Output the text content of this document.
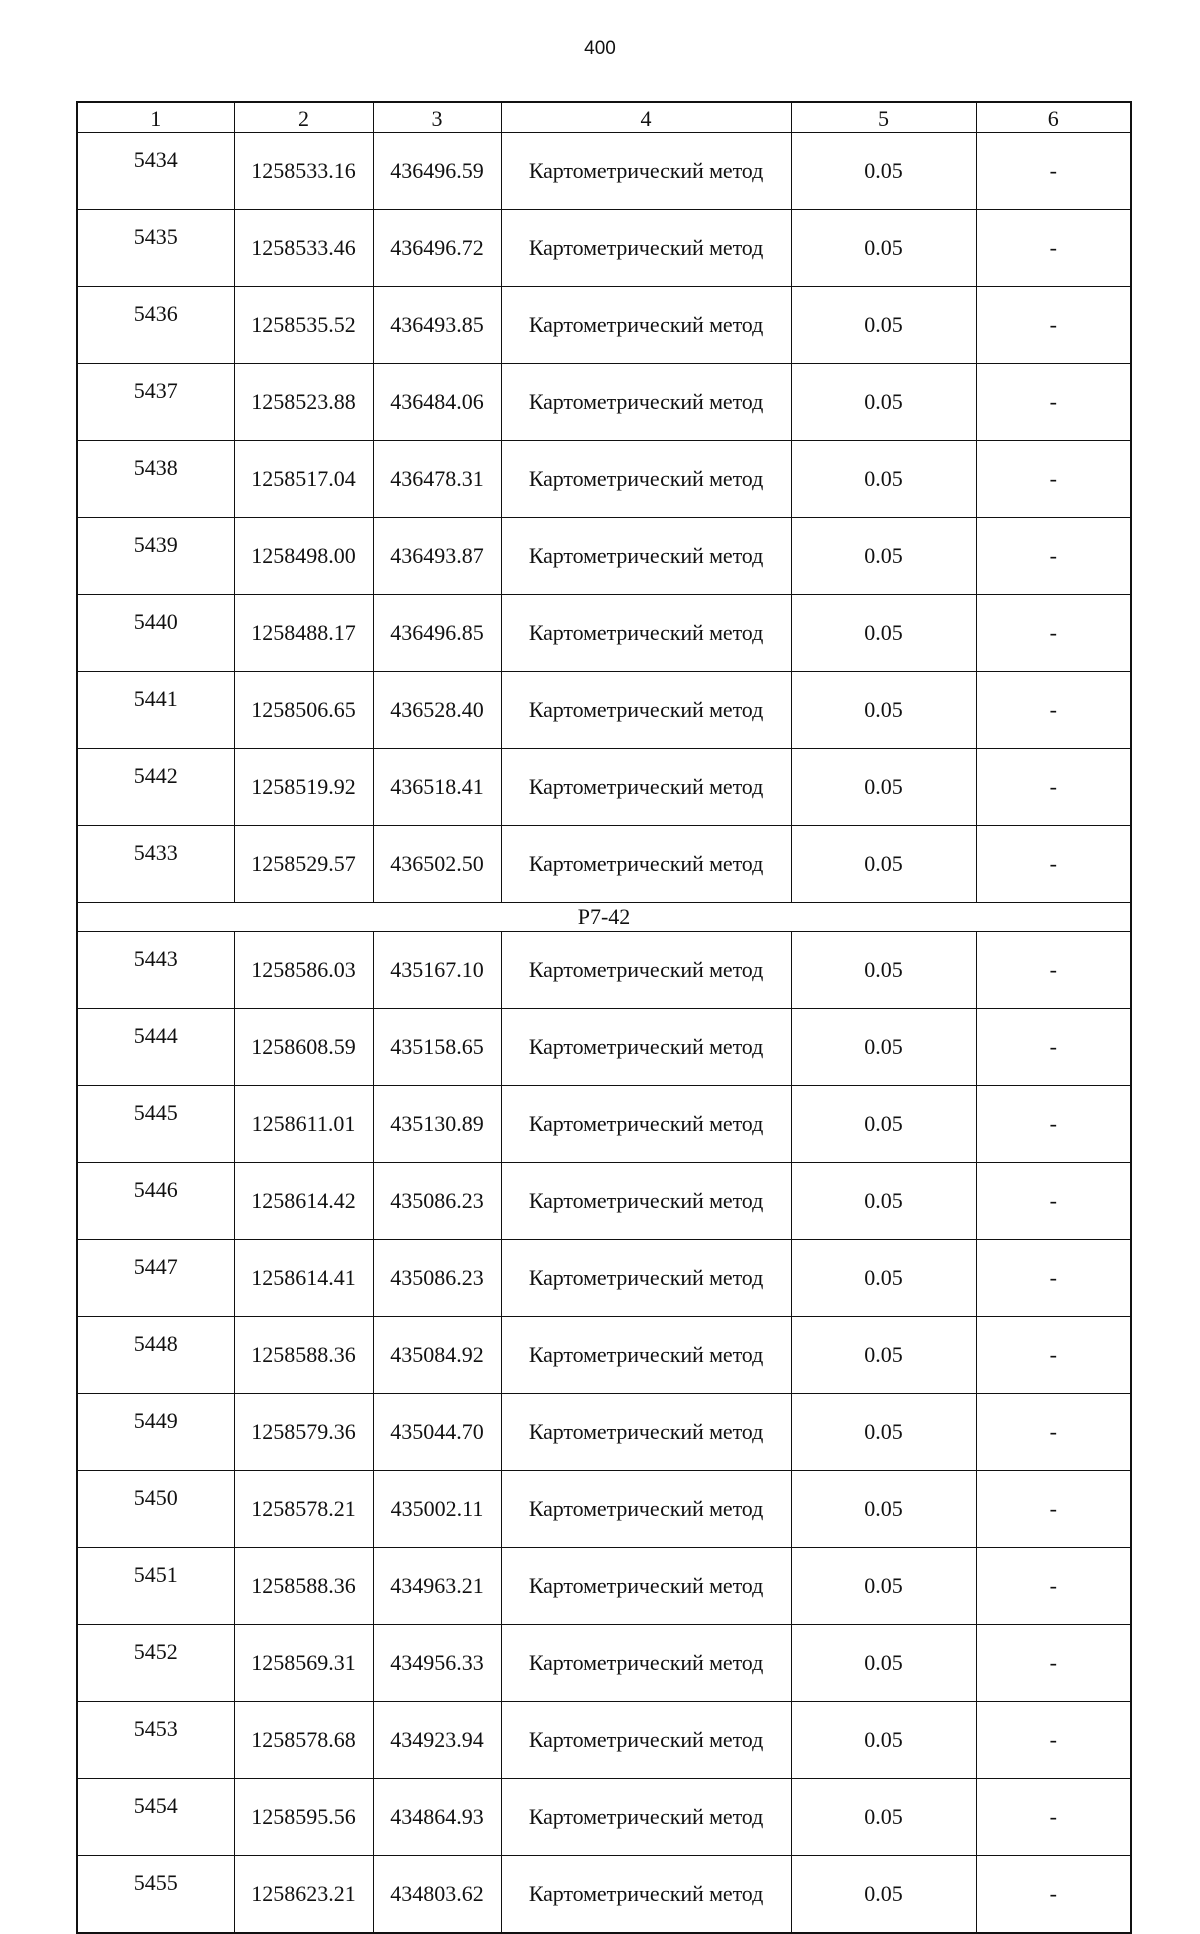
400
1	2	3	4	5	6
5434	1258533.16	436496.59	Картометрический метод	0.05	-
5435	1258533.46	436496.72	Картометрический метод	0.05	-
5436	1258535.52	436493.85	Картометрический метод	0.05	-
5437	1258523.88	436484.06	Картометрический метод	0.05	-
5438	1258517.04	436478.31	Картометрический метод	0.05	-
5439	1258498.00	436493.87	Картометрический метод	0.05	-
5440	1258488.17	436496.85	Картометрический метод	0.05	-
5441	1258506.65	436528.40	Картометрический метод	0.05	-
5442	1258519.92	436518.41	Картометрический метод	0.05	-
5433	1258529.57	436502.50	Картометрический метод	0.05	-
Р7-42					
5443	1258586.03	435167.10	Картометрический метод	0.05	-
5444	1258608.59	435158.65	Картометрический метод	0.05	-
5445	1258611.01	435130.89	Картометрический метод	0.05	-
5446	1258614.42	435086.23	Картометрический метод	0.05	-
5447	1258614.41	435086.23	Картометрический метод	0.05	-
5448	1258588.36	435084.92	Картометрический метод	0.05	-
5449	1258579.36	435044.70	Картометрический метод	0.05	-
5450	1258578.21	435002.11	Картометрический метод	0.05	-
5451	1258588.36	434963.21	Картометрический метод	0.05	-
5452	1258569.31	434956.33	Картометрический метод	0.05	-
5453	1258578.68	434923.94	Картометрический метод	0.05	-
5454	1258595.56	434864.93	Картометрический метод	0.05	-
5455	1258623.21	434803.62	Картометрический метод	0.05	-
